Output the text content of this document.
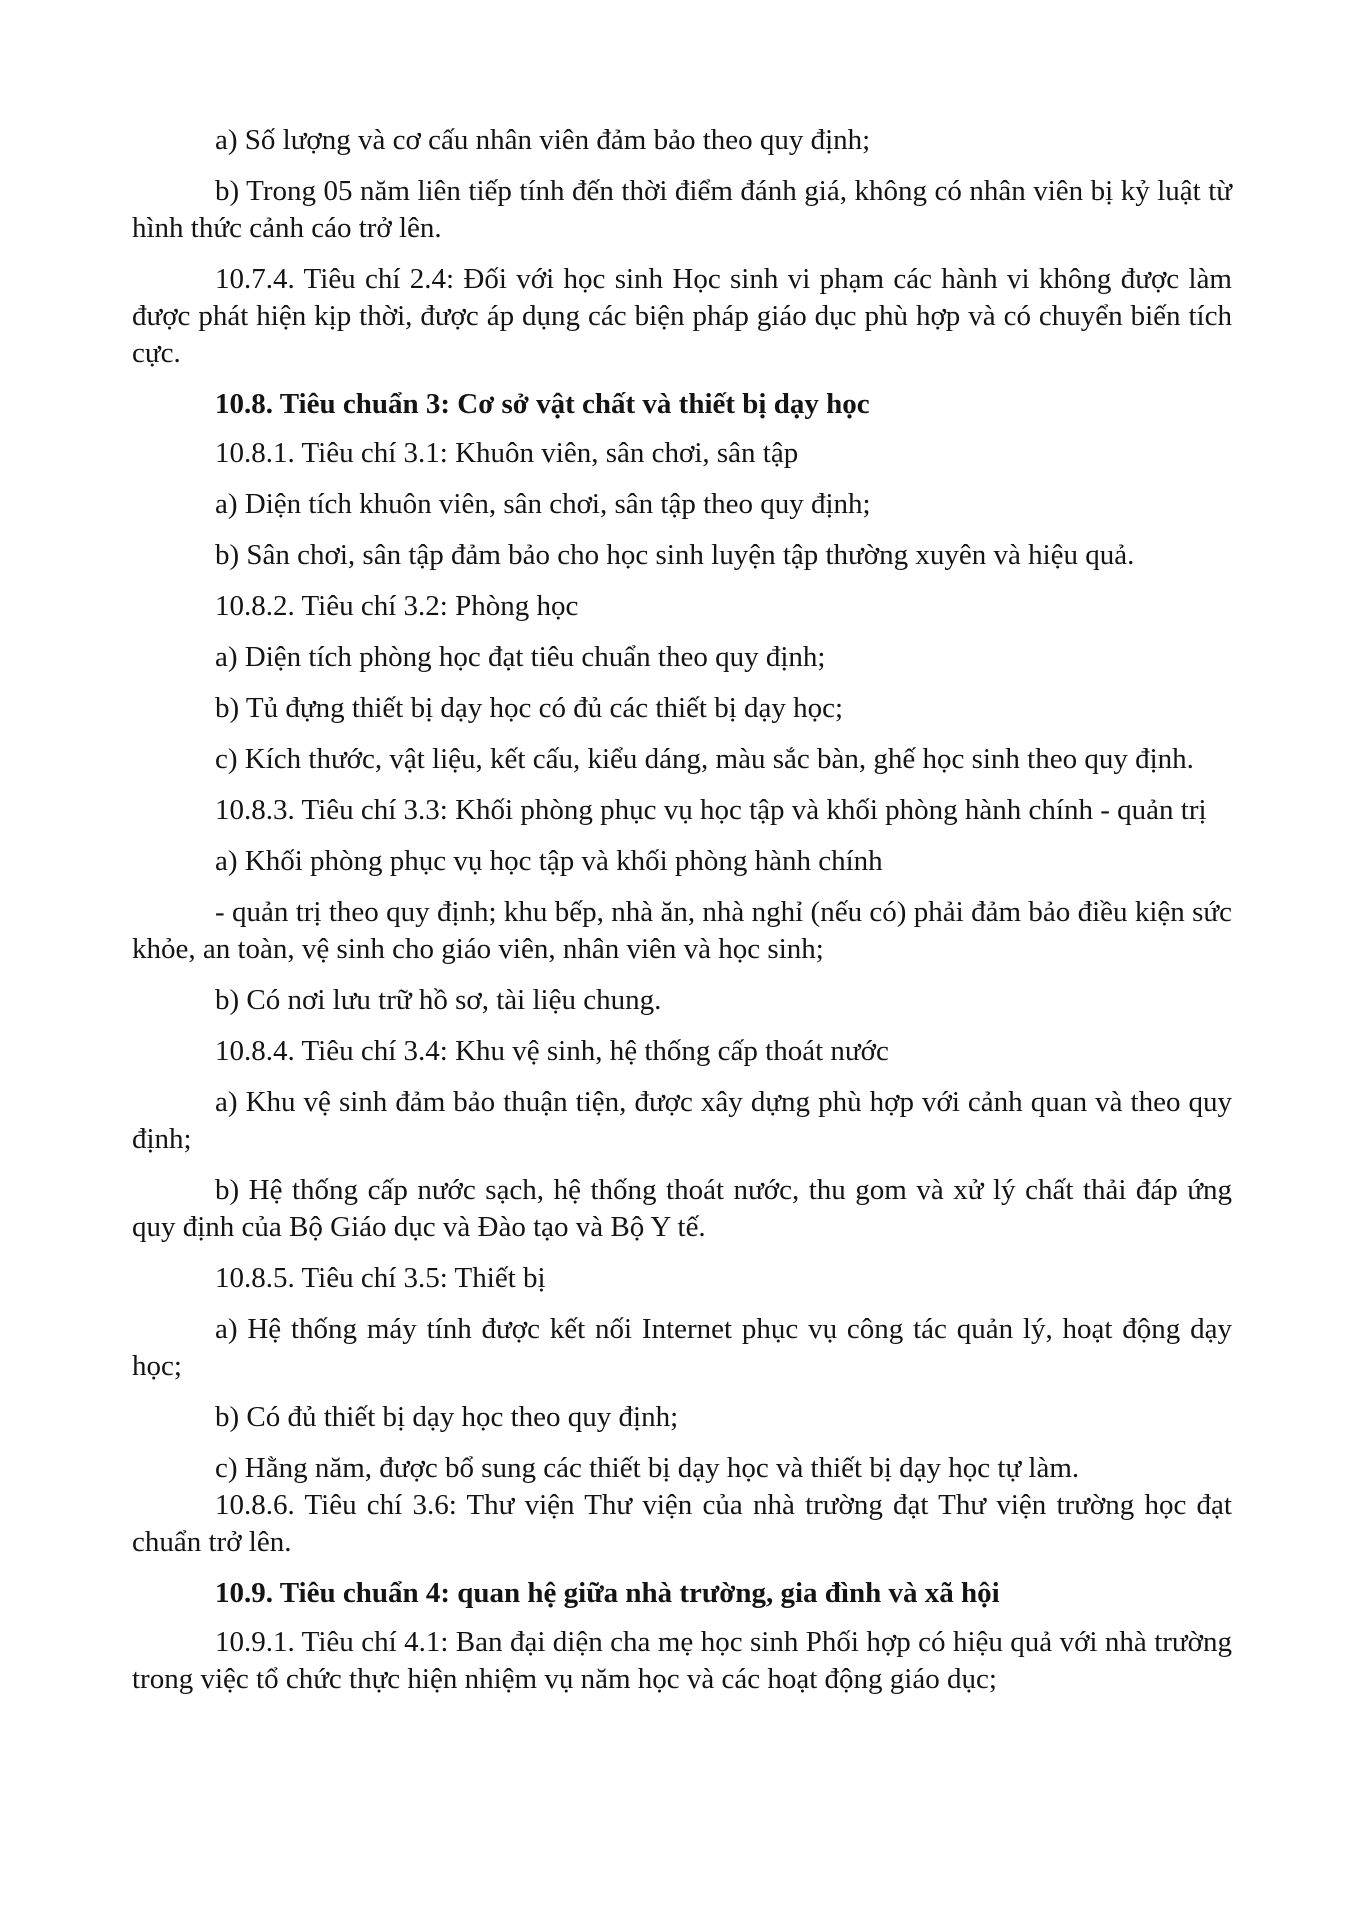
a) Số lượng và cơ cấu nhân viên đảm bảo theo quy định;

b) Trong 05 năm liên tiếp tính đến thời điểm đánh giá, không có nhân viên bị kỷ luật từ hình thức cảnh cáo trở lên.

10.7.4. Tiêu chí 2.4: Đối với học sinh Học sinh vi phạm các hành vi không được làm được phát hiện kịp thời, được áp dụng các biện pháp giáo dục phù hợp và có chuyển biến tích cực.

10.8. Tiêu chuẩn 3: Cơ sở vật chất và thiết bị dạy học

10.8.1. Tiêu chí 3.1: Khuôn viên, sân chơi, sân tập

a) Diện tích khuôn viên, sân chơi, sân tập theo quy định;

b) Sân chơi, sân tập đảm bảo cho học sinh luyện tập thường xuyên và hiệu quả.

10.8.2. Tiêu chí 3.2: Phòng học

a) Diện tích phòng học đạt tiêu chuẩn theo quy định;

b) Tủ đựng thiết bị dạy học có đủ các thiết bị dạy học;

c) Kích thước, vật liệu, kết cấu, kiểu dáng, màu sắc bàn, ghế học sinh theo quy định.

10.8.3. Tiêu chí 3.3: Khối phòng phục vụ học tập và khối phòng hành chính - quản trị

a) Khối phòng phục vụ học tập và khối phòng hành chính

- quản trị theo quy định; khu bếp, nhà ăn, nhà nghỉ (nếu có) phải đảm bảo điều kiện sức khỏe, an toàn, vệ sinh cho giáo viên, nhân viên và học sinh;

b) Có nơi lưu trữ hồ sơ, tài liệu chung.

10.8.4. Tiêu chí 3.4: Khu vệ sinh, hệ thống cấp thoát nước

a) Khu vệ sinh đảm bảo thuận tiện, được xây dựng phù hợp với cảnh quan và theo quy định;

b) Hệ thống cấp nước sạch, hệ thống thoát nước, thu gom và xử lý chất thải đáp ứng quy định của Bộ Giáo dục và Đào tạo và Bộ Y tế.

10.8.5. Tiêu chí 3.5: Thiết bị

a) Hệ thống máy tính được kết nối Internet phục vụ công tác quản lý, hoạt động dạy học;

b) Có đủ thiết bị dạy học theo quy định;

c) Hằng năm, được bổ sung các thiết bị dạy học và thiết bị dạy học tự làm.

10.8.6. Tiêu chí 3.6: Thư viện Thư viện của nhà trường đạt Thư viện trường học đạt chuẩn trở lên.

10.9. Tiêu chuẩn 4: quan hệ giữa nhà trường, gia đình và xã hội

10.9.1. Tiêu chí 4.1: Ban đại diện cha mẹ học sinh Phối hợp có hiệu quả với nhà trường trong việc tổ chức thực hiện nhiệm vụ năm học và các hoạt động giáo dục;
